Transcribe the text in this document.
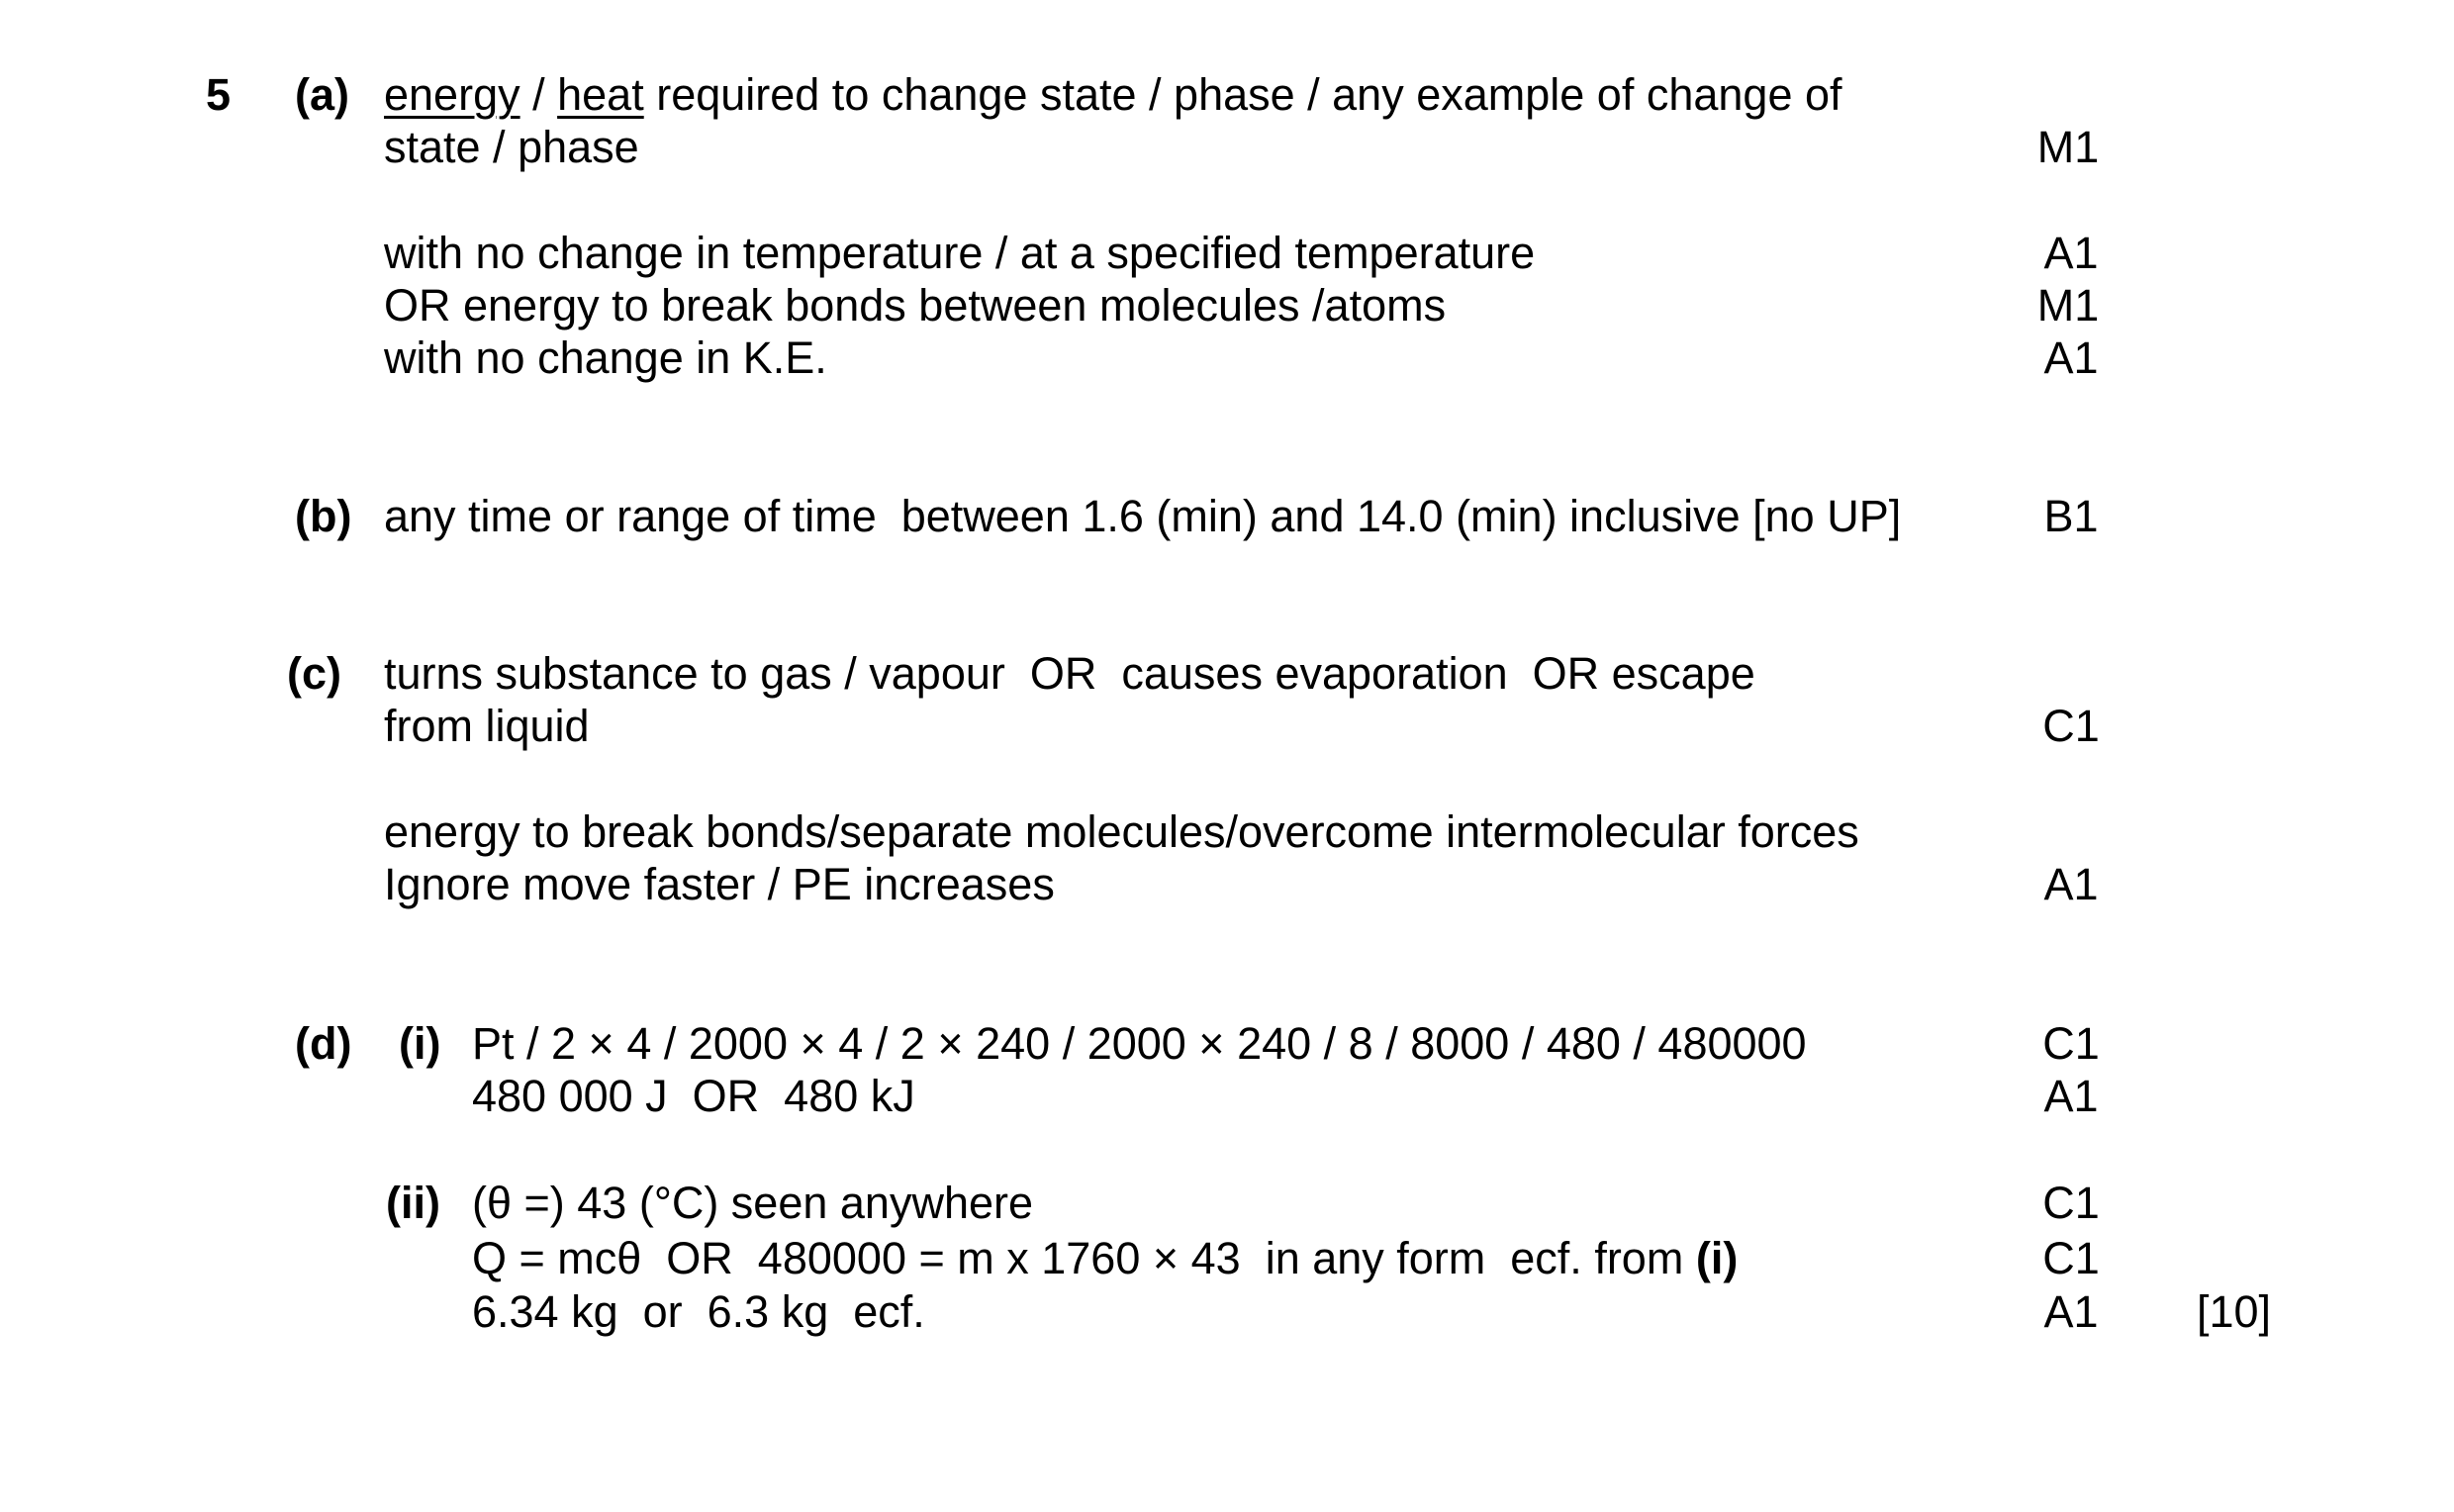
5 (a) energy / heat required to change state / phase / any example of change of
state / phase	M1
with no change in temperature / at a specified temperature	A1
OR energy to break bonds between molecules /atoms	M1
with no change in K.E.	A1
(b) any time or range of time  between 1.6 (min) and 14.0 (min) inclusive [no UP]	B1
(c) turns substance to gas / vapour  OR  causes evaporation  OR escape
from liquid	C1
energy to break bonds/separate molecules/overcome intermolecular forces
Ignore move faster / PE increases	A1
(d) (i) Pt / 2 × 4 / 2000 × 4 / 2 × 240 / 2000 × 240 / 8 / 8000 / 480 / 480000	C1
480 000 J  OR  480 kJ	A1
(ii) (θ =) 43 (°C) seen anywhere	C1
Q = mcθ  OR  480000 = m x 1760 × 43  in any form  ecf. from (i)	C1
6.34 kg  or  6.3 kg  ecf.	A1	[10]
